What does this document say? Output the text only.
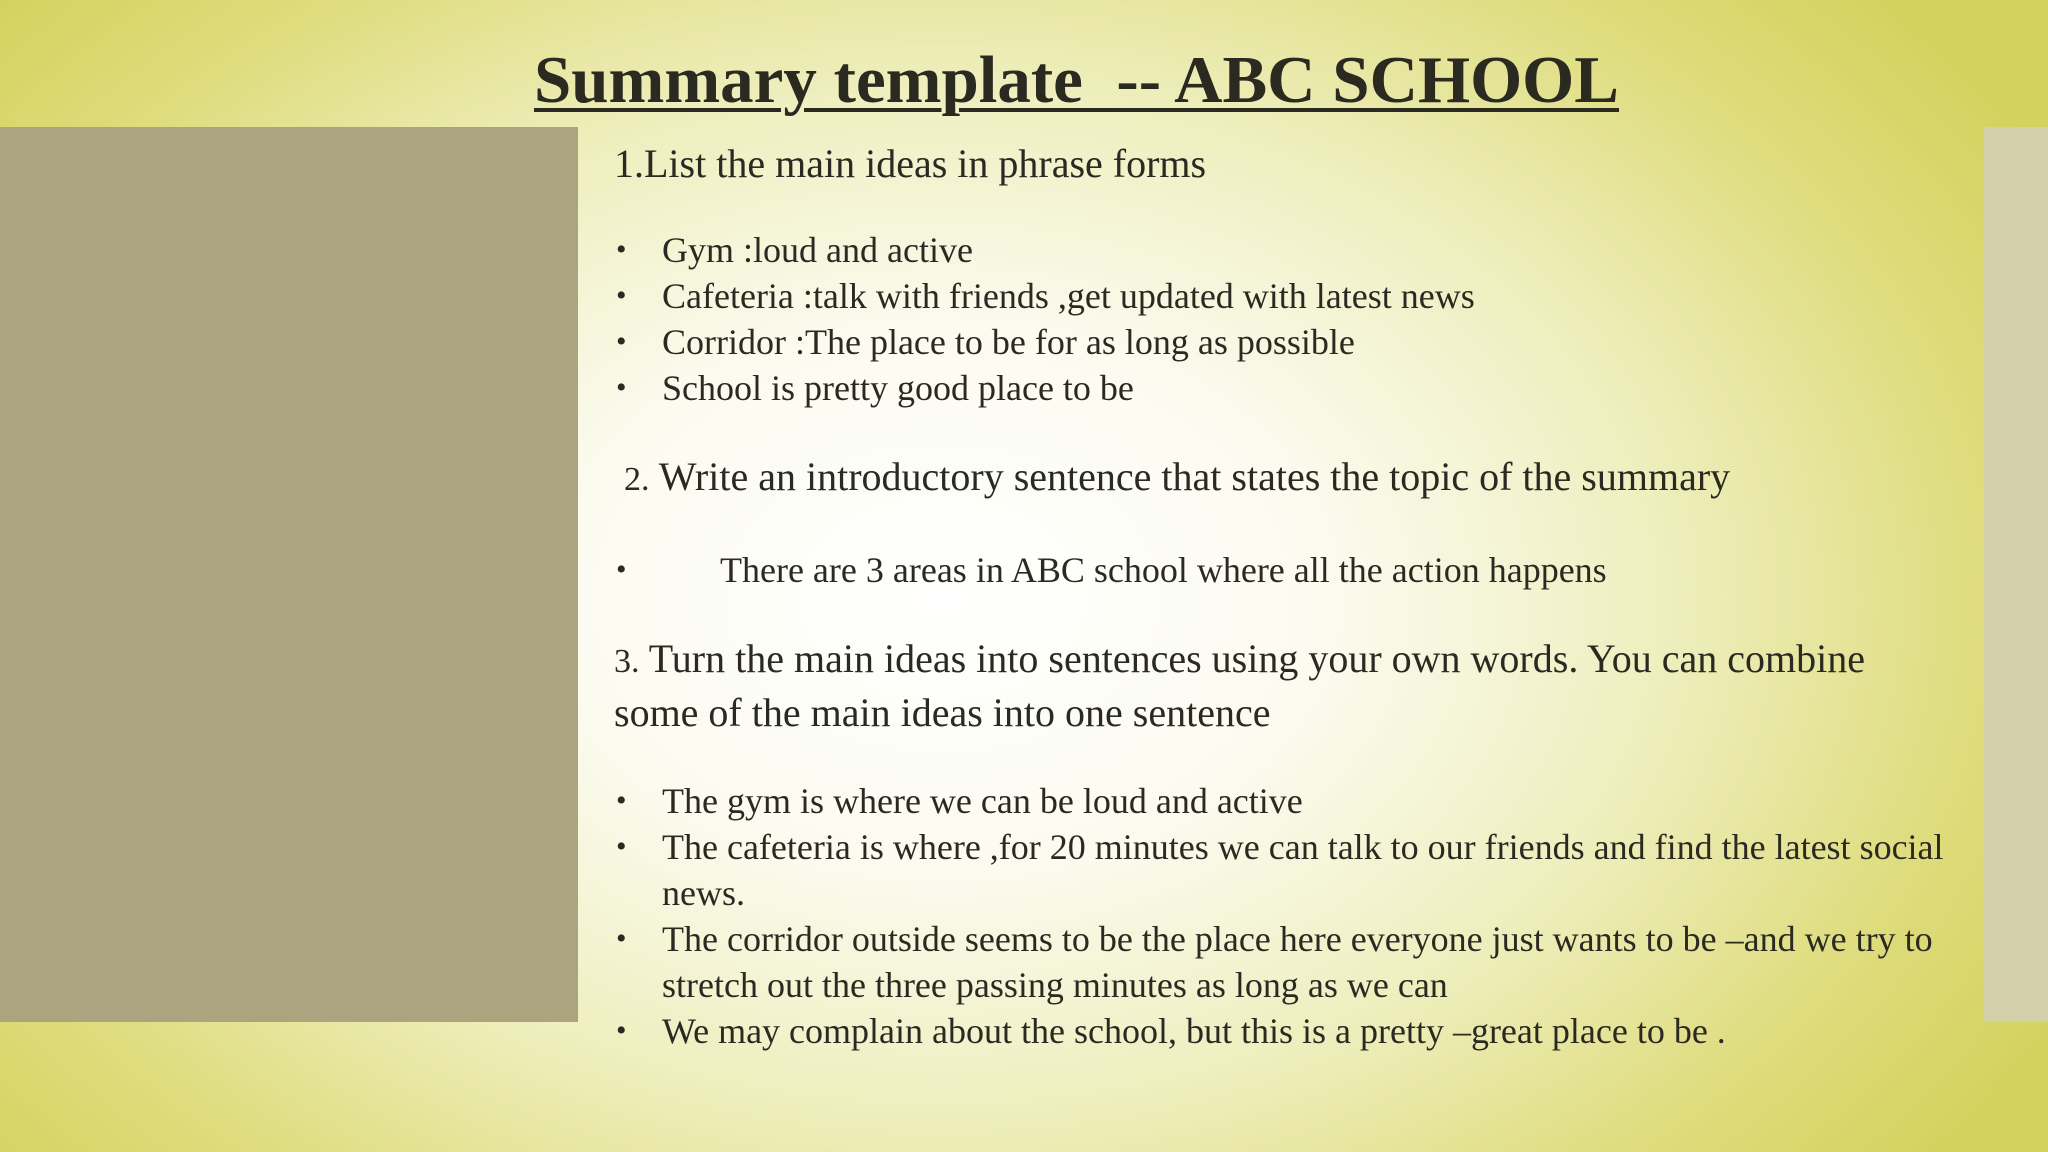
Summary template  -- ABC SCHOOL

1.List the main ideas in phrase forms

• Gym :loud and active
• Cafeteria :talk with friends ,get updated with latest news
• Corridor :The place to be for as long as possible
• School is pretty good place to be

2. Write an introductory sentence that states the topic of the summary

•	There are 3 areas in ABC school where all the action happens

3. Turn the main ideas into sentences using your own words. You can combine some of the main ideas into one sentence

• The gym is where we can be loud and active
• The cafeteria is where ,for 20 minutes we can talk to our friends and find the latest social news.
• The corridor outside seems to be the place here everyone just wants to be –and we try to stretch out the three passing minutes as long as we can
• We may complain about the school, but this is a pretty –great place to be .
